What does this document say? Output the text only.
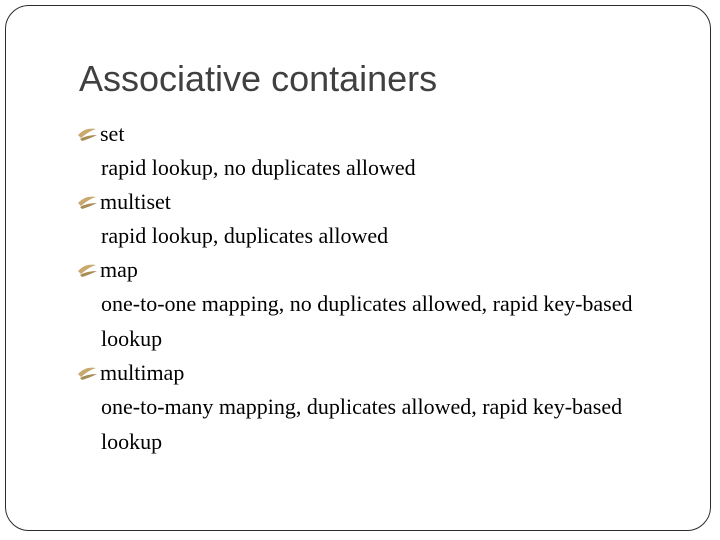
Associative containers
set
rapid lookup, no duplicates allowed
multiset
rapid lookup, duplicates allowed
map
one-to-one mapping, no duplicates allowed, rapid key-based lookup
multimap
one-to-many mapping, duplicates allowed, rapid key-based lookup
